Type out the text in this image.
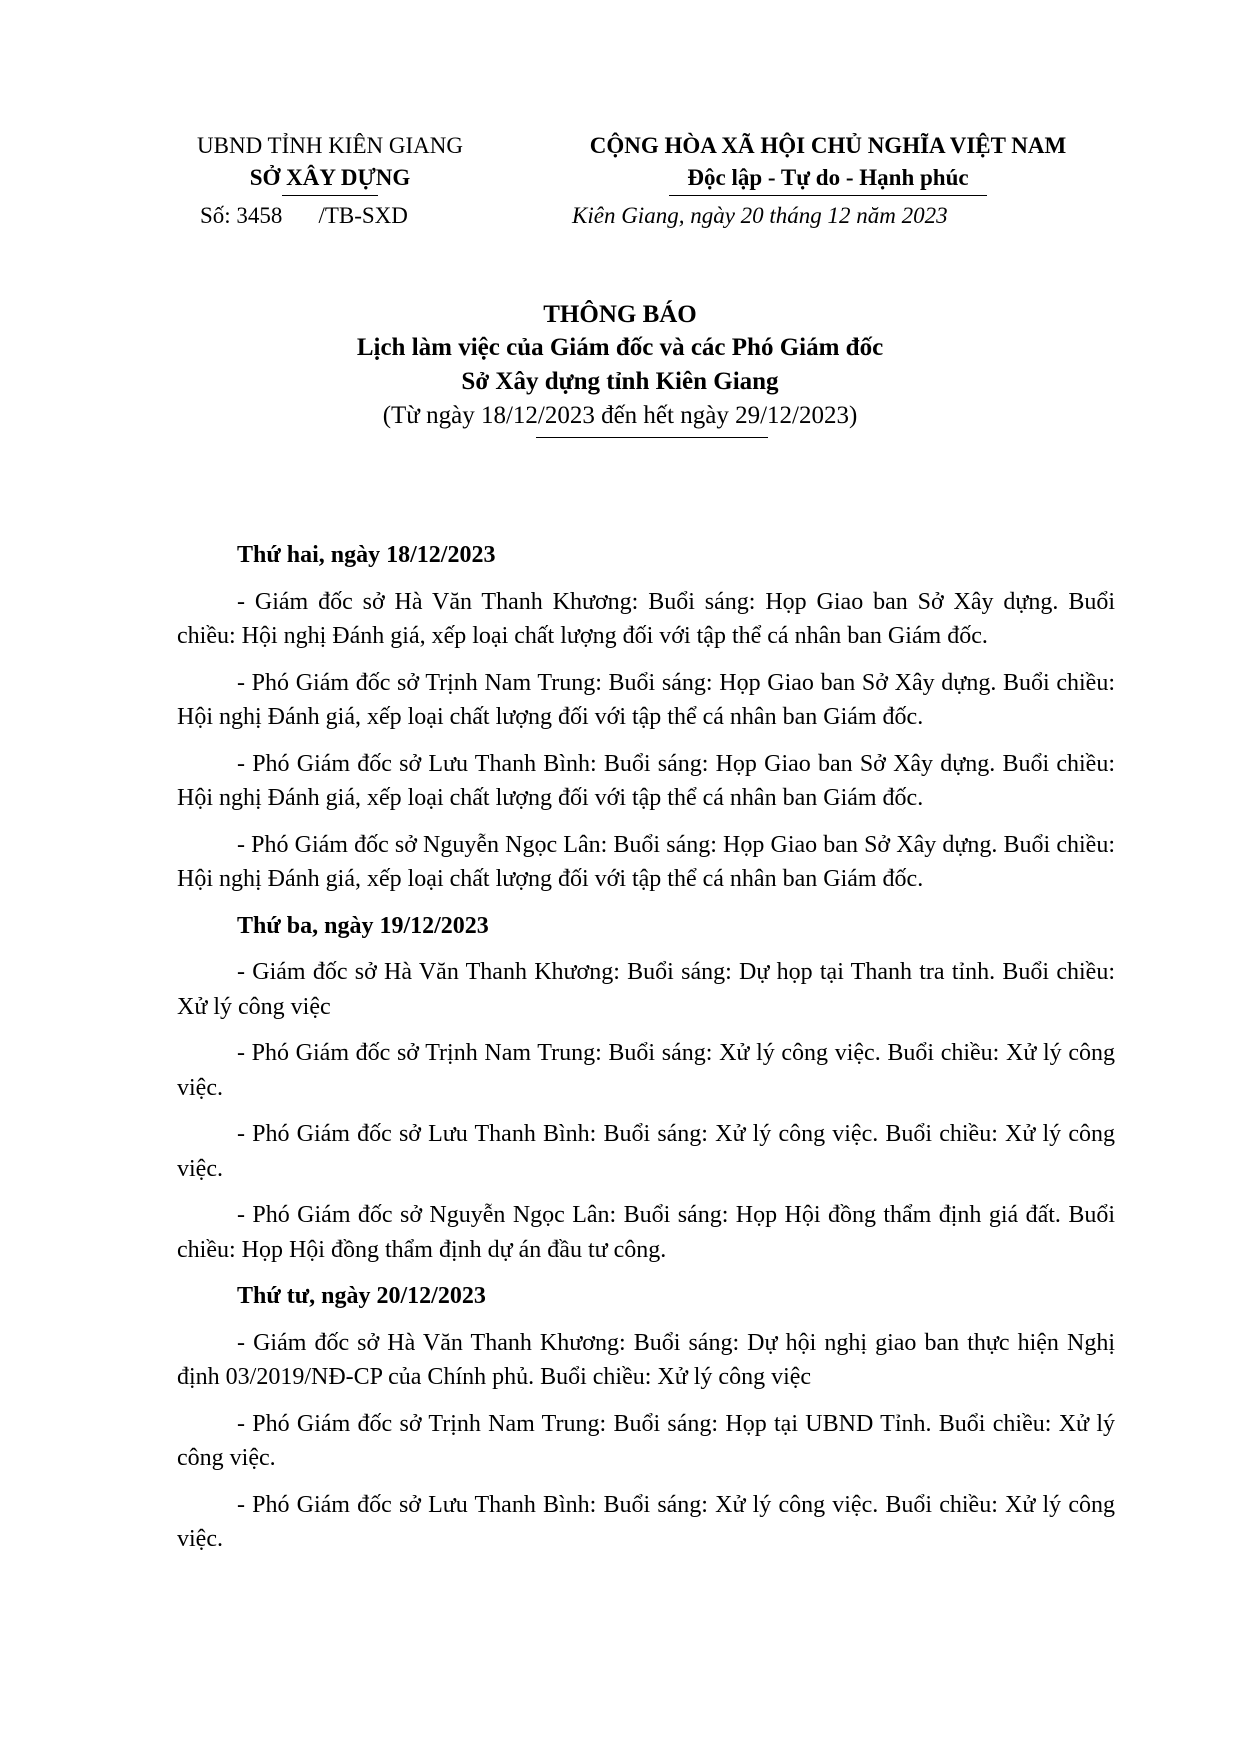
UBND TỈNH KIÊN GIANG
SỞ XÂY DỰNG
CỘNG HÒA XÃ HỘI CHỦ NGHĨA VIỆT NAM
Độc lập - Tự do - Hạnh phúc
Số: 3458 /TB-SXD	Kiên Giang, ngày 20 tháng 12 năm 2023
THÔNG BÁO
Lịch làm việc của Giám đốc và các Phó Giám đốc
Sở Xây dựng tỉnh Kiên Giang
(Từ ngày 18/12/2023 đến hết ngày 29/12/2023)

Thứ hai, ngày 18/12/2023

- Giám đốc sở Hà Văn Thanh Khương: Buổi sáng: Họp Giao ban Sở Xây dựng. Buổi chiều: Hội nghị Đánh giá, xếp loại chất lượng đối với tập thể cá nhân ban Giám đốc.

- Phó Giám đốc sở Trịnh Nam Trung: Buổi sáng: Họp Giao ban Sở Xây dựng. Buổi chiều: Hội nghị Đánh giá, xếp loại chất lượng đối với tập thể cá nhân ban Giám đốc.

- Phó Giám đốc sở Lưu Thanh Bình: Buổi sáng: Họp Giao ban Sở Xây dựng. Buổi chiều: Hội nghị Đánh giá, xếp loại chất lượng đối với tập thể cá nhân ban Giám đốc.

- Phó Giám đốc sở Nguyễn Ngọc Lân: Buổi sáng: Họp Giao ban Sở Xây dựng. Buổi chiều: Hội nghị Đánh giá, xếp loại chất lượng đối với tập thể cá nhân ban Giám đốc.

Thứ ba, ngày 19/12/2023

- Giám đốc sở Hà Văn Thanh Khương: Buổi sáng: Dự họp tại Thanh tra tỉnh. Buổi chiều: Xử lý công việc

- Phó Giám đốc sở Trịnh Nam Trung: Buổi sáng: Xử lý công việc. Buổi chiều: Xử lý công việc.

- Phó Giám đốc sở Lưu Thanh Bình: Buổi sáng: Xử lý công việc. Buổi chiều: Xử lý công việc.

- Phó Giám đốc sở Nguyễn Ngọc Lân: Buổi sáng: Họp Hội đồng thẩm định giá đất. Buổi chiều: Họp Hội đồng thẩm định dự án đầu tư công.

Thứ tư, ngày 20/12/2023

- Giám đốc sở Hà Văn Thanh Khương: Buổi sáng: Dự hội nghị giao ban thực hiện Nghị định 03/2019/NĐ-CP của Chính phủ. Buổi chiều: Xử lý công việc

- Phó Giám đốc sở Trịnh Nam Trung: Buổi sáng: Họp tại UBND Tỉnh. Buổi chiều: Xử lý công việc.

- Phó Giám đốc sở Lưu Thanh Bình: Buổi sáng: Xử lý công việc. Buổi chiều: Xử lý công việc.
